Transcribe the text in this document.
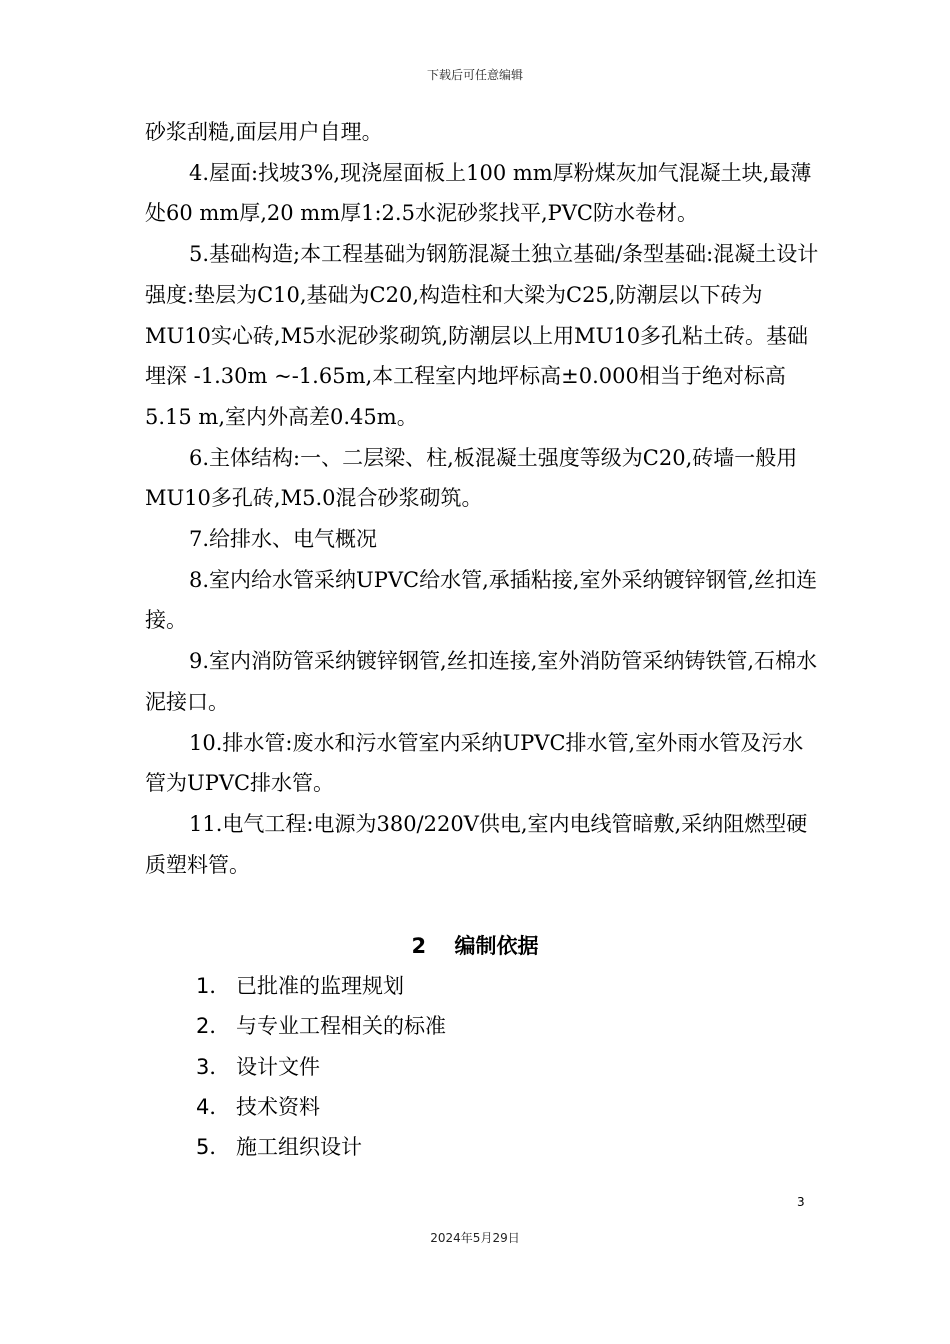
下载后可任意编辑

砂浆刮糙,面层用户自理。

4.屋面:找坡3%,现浇屋面板上100 mm厚粉煤灰加气混凝土块,最薄处60 mm厚,20 mm厚1:2.5水泥砂浆找平,PVC防水卷材。

5.基础构造;本工程基础为钢筋混凝土独立基础/条型基础:混凝土设计强度:垫层为C10,基础为C20,构造柱和大梁为C25,防潮层以下砖为MU10实心砖,M5水泥砂浆砌筑,防潮层以上用MU10多孔粘土砖。基础埋深 -1.30m ~-1.65m,本工程室内地坪标高±0.000相当于绝对标高5.15 m,室内外高差0.45m。

6.主体结构:一、二层梁、柱,板混凝土强度等级为C20,砖墙一般用MU10多孔砖,M5.0混合砂浆砌筑。

7.给排水、电气概况

8.室内给水管采纳UPVC给水管,承插粘接,室外采纳镀锌钢管,丝扣连接。

9.室内消防管采纳镀锌钢管,丝扣连接,室外消防管采纳铸铁管,石棉水泥接口。

10.排水管:废水和污水管室内采纳UPVC排水管,室外雨水管及污水管为UPVC排水管。

11.电气工程:电源为380/220V供电,室内电线管暗敷,采纳阻燃型硬质塑料管。

2　 编制依据
1． 已批准的监理规划
2． 与专业工程相关的标准
3． 设计文件
4． 技术资料
5． 施工组织设计
3
2024年5月29日
